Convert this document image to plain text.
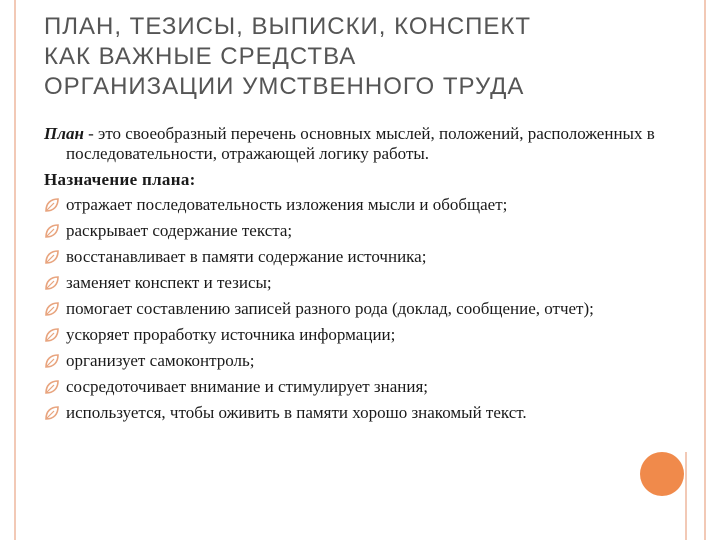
ПЛАН, ТЕЗИСЫ, ВЫПИСКИ, КОНСПЕКТ
КАК ВАЖНЫЕ СРЕДСТВА
ОРГАНИЗАЦИИ УМСТВЕННОГО ТРУДА

План - это своеобразный перечень основных мыслей, положений, расположенных в последовательности, отражающей логику работы.

Назначение плана:

отражает последовательность изложения мысли и обобщает;
раскрывает содержание текста;
восстанавливает в памяти содержание источника;
заменяет конспект и тезисы;
помогает составлению записей разного рода (доклад, сообщение, отчет);
ускоряет проработку источника информации;
организует самоконтроль;
сосредоточивает внимание и стимулирует знания;
используется, чтобы оживить в памяти хорошо знакомый текст.
